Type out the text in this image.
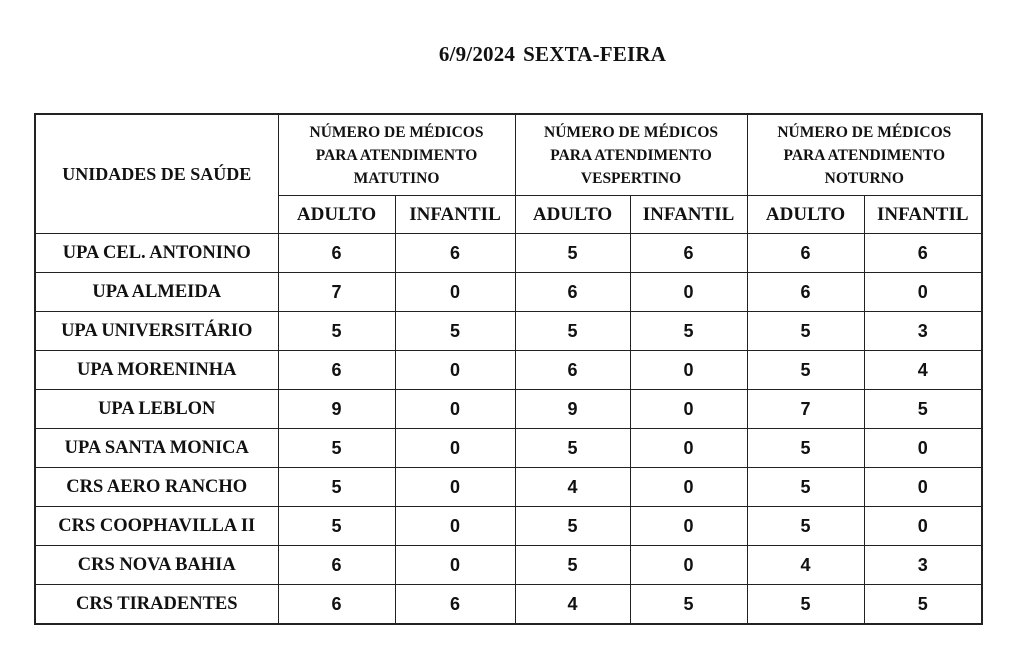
6/9/2024 SEXTA-FEIRA
UNIDADES DE SAÚDE	
NÚMERO DE MÉDICOS
PARA ATENDIMENTO
MATUTINO

NÚMERO DE MÉDICOS
PARA ATENDIMENTO
VESPERTINO

NÚMERO DE MÉDICOS
PARA ATENDIMENTO
NOTURNO

	ADULTO	INFANTIL	ADULTO	INFANTIL	ADULTO	INFANTIL
UPA CEL. ANTONINO	6	6	5	6	6	6
UPA ALMEIDA	7	0	6	0	6	0
UPA UNIVERSITÁRIO	5	5	5	5	5	3
UPA MORENINHA	6	0	6	0	5	4
UPA LEBLON	9	0	9	0	7	5
UPA SANTA MONICA	5	0	5	0	5	0
CRS AERO RANCHO	5	0	4	0	5	0
CRS COOPHAVILLA II	5	0	5	0	5	0
CRS NOVA BAHIA	6	0	5	0	4	3
CRS TIRADENTES	6	6	4	5	5	5
